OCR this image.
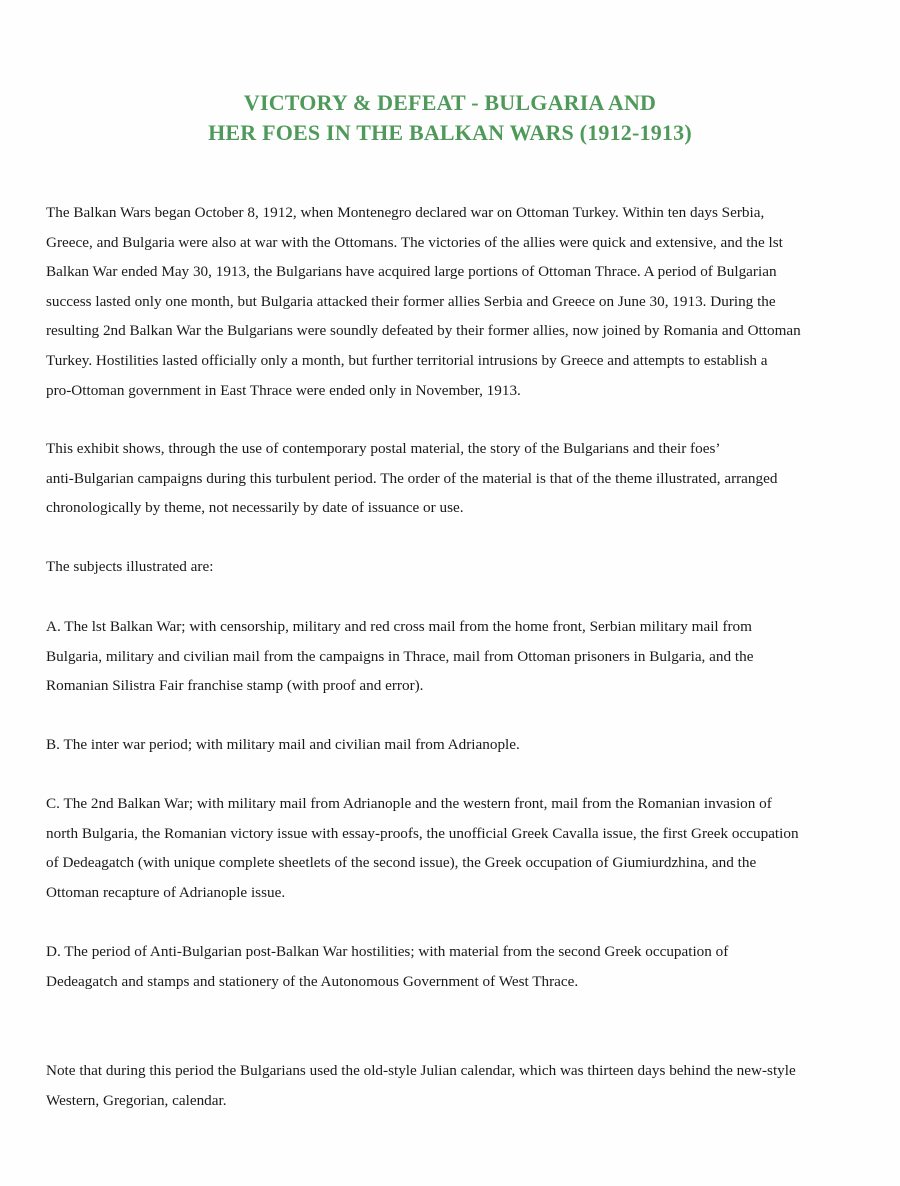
VICTORY & DEFEAT - BULGARIA AND
HER FOES IN THE BALKAN WARS (1912-1913)

The Balkan Wars began October 8, 1912, when Montenegro declared war on Ottoman Turkey. Within ten days Serbia,
Greece, and Bulgaria were also at war with the Ottomans. The victories of the allies were quick and extensive, and the lst
Balkan War ended May 30, 1913, the Bulgarians have acquired large portions of Ottoman Thrace. A period of Bulgarian
success lasted only one month, but Bulgaria attacked their former allies Serbia and Greece on June 30, 1913. During the
resulting 2nd Balkan War the Bulgarians were soundly defeated by their former allies, now joined by Romania and Ottoman
Turkey. Hostilities lasted officially only a month, but further territorial intrusions by Greece and attempts to establish a
pro-Ottoman government in East Thrace were ended only in November, 1913.

This exhibit shows, through the use of contemporary postal material, the story of the Bulgarians and their foes’
anti-Bulgarian campaigns during this turbulent period. The order of the material is that of the theme illustrated, arranged
chronologically by theme, not necessarily by date of issuance or use.

The subjects illustrated are:

A. The lst Balkan War; with censorship, military and red cross mail from the home front, Serbian military mail from
Bulgaria, military and civilian mail from the campaigns in Thrace, mail from Ottoman prisoners in Bulgaria, and the
Romanian Silistra Fair franchise stamp (with proof and error).

B. The inter war period; with military mail and civilian mail from Adrianople.

C. The 2nd Balkan War; with military mail from Adrianople and the western front, mail from the Romanian invasion of
north Bulgaria, the Romanian victory issue with essay-proofs, the unofficial Greek Cavalla issue, the first Greek occupation
of Dedeagatch (with unique complete sheetlets of the second issue), the Greek occupation of Giumiurdzhina, and the
Ottoman recapture of Adrianople issue.

D. The period of Anti-Bulgarian post-Balkan War hostilities; with material from the second Greek occupation of
Dedeagatch and stamps and stationery of the Autonomous Government of West Thrace.

Note that during this period the Bulgarians used the old-style Julian calendar, which was thirteen days behind the new-style
Western, Gregorian, calendar.
